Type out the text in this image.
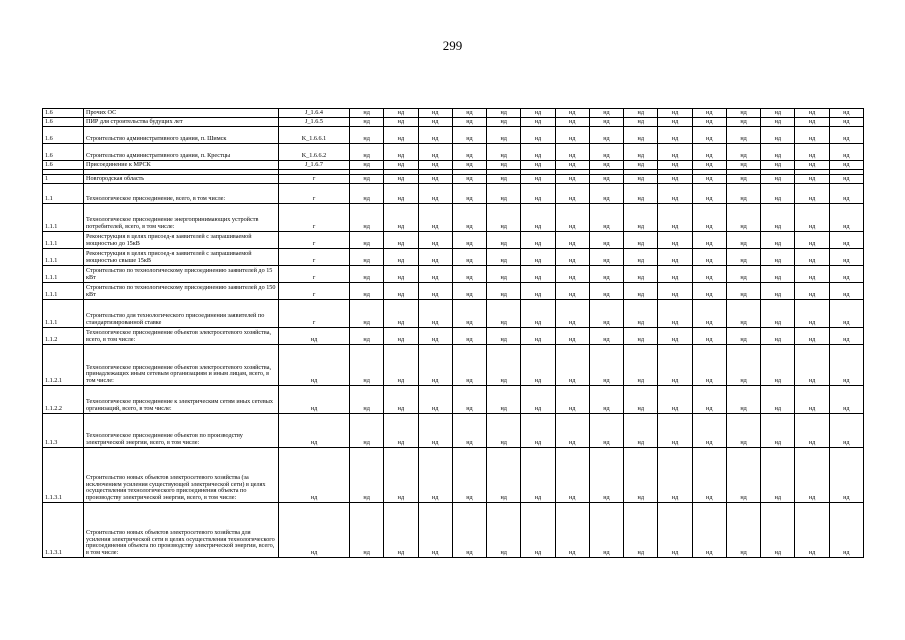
299
1.6	Прочих ОС	J_1.6.4	нд	нд	нд	нд	нд	нд	нд	нд	нд	нд	нд	нд	нд	нд	нд
1.6	ПИР для строительства будущих лет	J_1.6.5	нд	нд	нд	нд	нд	нд	нд	нд	нд	нд	нд	нд	нд	нд	нд
1.6	Строительство административного здания, п. Шимск	K_1.6.6.1	нд	нд	нд	нд	нд	нд	нд	нд	нд	нд	нд	нд	нд	нд	нд
1.6	Строительство административного здания, п. Крестцы	K_1.6.6.2	нд	нд	нд	нд	нд	нд	нд	нд	нд	нд	нд	нд	нд	нд	нд
1.6	Присоединение к МРСК	J_1.6.7	нд	нд	нд	нд	нд	нд	нд	нд	нд	нд	нд	нд	нд	нд	нд

1	Новгородская область	г	нд	нд	нд	нд	нд	нд	нд	нд	нд	нд	нд	нд	нд	нд	нд
1.1	Технологическое присоединение, всего, в том числе:	г	нд	нд	нд	нд	нд	нд	нд	нд	нд	нд	нд	нд	нд	нд	нд
1.1.1	Технологическое присоединение энергопринимающих устройств потребителей, всего, в том числе:	г	нд	нд	нд	нд	нд	нд	нд	нд	нд	нд	нд	нд	нд	нд	нд
1.1.1	Реконструкция в целях присоед-я заявителей с запрашиваемой мощностью до 15кВ	г	нд	нд	нд	нд	нд	нд	нд	нд	нд	нд	нд	нд	нд	нд	нд
1.1.1	Реконструкция в целях присоед-я заявителей с запрашиваемой мощностью свыше 15кВ	г	нд	нд	нд	нд	нд	нд	нд	нд	нд	нд	нд	нд	нд	нд	нд
1.1.1	Строительство по технологическому присоединению заявителей до 15 кВт	г	нд	нд	нд	нд	нд	нд	нд	нд	нд	нд	нд	нд	нд	нд	нд
1.1.1	Строительство по технологическому присоединению заявителей до 150 кВт	г	нд	нд	нд	нд	нд	нд	нд	нд	нд	нд	нд	нд	нд	нд	нд
1.1.1	Строительство для технологического присоединения заявителей по стандартизированной ставке	г	нд	нд	нд	нд	нд	нд	нд	нд	нд	нд	нд	нд	нд	нд	нд
1.1.2	Технологическое присоединение объектов электросетевого хозяйства, всего, в том числе:	нд	нд	нд	нд	нд	нд	нд	нд	нд	нд	нд	нд	нд	нд	нд	нд
1.1.2.1	Технологическое присоединение объектов электросетевого хозяйства, принадлежащих иным сетевым организациям и иным лицам, всего, в том числе:	нд	нд	нд	нд	нд	нд	нд	нд	нд	нд	нд	нд	нд	нд	нд	нд
1.1.2.2	Технологическое присоединение к электрическим сетям иных сетевых организаций, всего, в том числе:	нд	нд	нд	нд	нд	нд	нд	нд	нд	нд	нд	нд	нд	нд	нд	нд
1.1.3	Технологическое присоединение объектов по производству электрической энергии, всего, в том числе:	нд	нд	нд	нд	нд	нд	нд	нд	нд	нд	нд	нд	нд	нд	нд	нд
1.1.3.1	Строительство новых объектов электросетевого хозяйства (за исключением усиления существующей электрической сети) в целях осуществления технологического присоединения объекта по производству электрической энергии, всего, в том числе:	нд	нд	нд	нд	нд	нд	нд	нд	нд	нд	нд	нд	нд	нд	нд	нд
1.1.3.1	Строительство новых объектов электросетевого хозяйства для усиления электрической сети в целях осуществления технологического присоединения объекта по производству электрической энергии, всего, в том числе:	нд	нд	нд	нд	нд	нд	нд	нд	нд	нд	нд	нд	нд	нд	нд	нд
